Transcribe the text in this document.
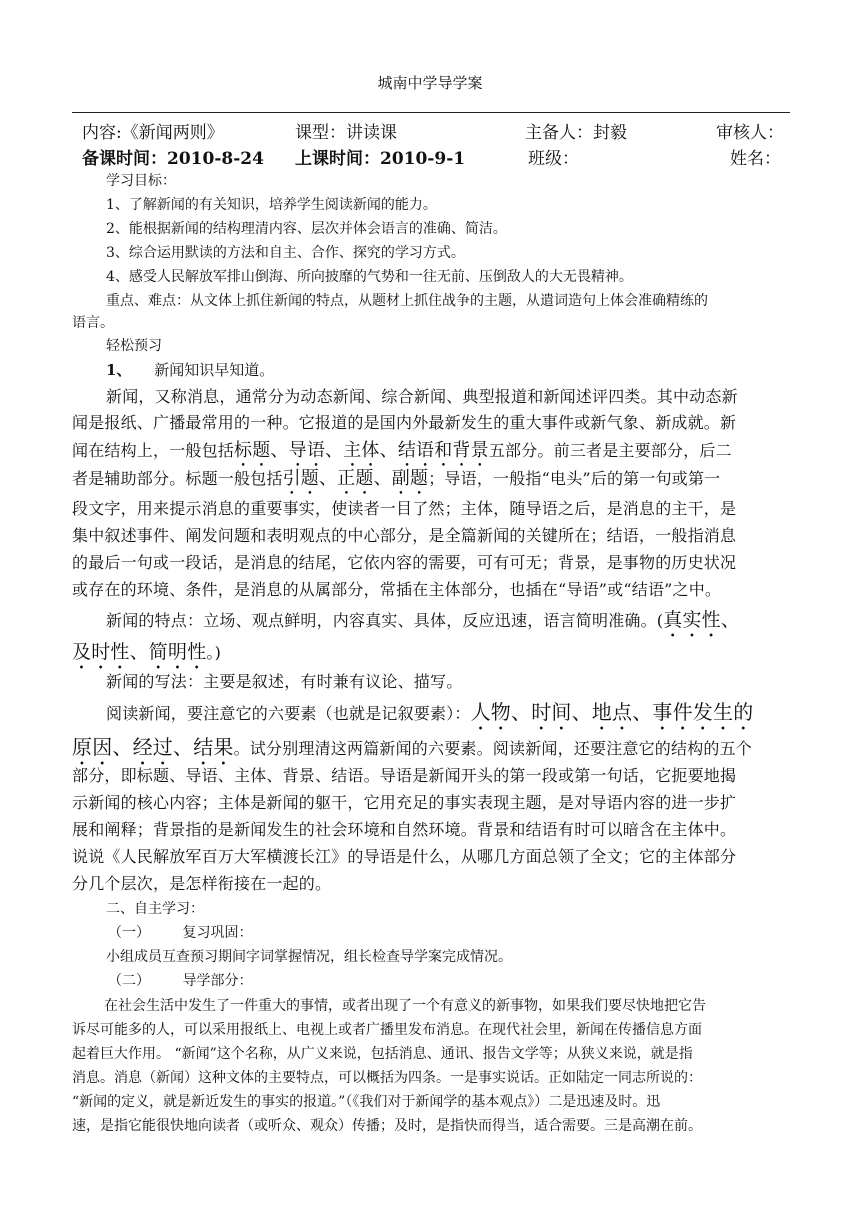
城南中学导学案
内容:《新闻两则》	课型：讲读课	主备人：封毅	审核人：
备课时间：2010-8-24 上课时间：2010-9-1	班级：	姓名：
学习目标：
1、了解新闻的有关知识，培养学生阅读新闻的能力。
2、能根据新闻的结构理清内容、层次并体会语言的准确、简洁。
3、综合运用默读的方法和自主、合作、探究的学习方式。
4、感受人民解放军排山倒海、所向披靡的气势和一往无前、压倒敌人的大无畏精神。
重点、难点：从文体上抓住新闻的特点，从题材上抓住战争的主题，从遣词造句上体会准确精练的
语言。
轻松预习
1、 新闻知识早知道。
新闻，又称消息，通常分为动态新闻、综合新闻、典型报道和新闻述评四类。其中动态新
闻是报纸、广播最常用的一种。它报道的是国内外最新发生的重大事件或新气象、新成就。新
闻在结构上，一般包括标题、导语、主体、结语和背景五部分。前三者是主要部分，后二
者是辅助部分。标题一般包括引题、正题、副题；导语，一般指“电头”后的第一句或第一
段文字，用来提示消息的重要事实，使读者一目了然；主体，随导语之后，是消息的主干，是
集中叙述事件、阐发问题和表明观点的中心部分，是全篇新闻的关键所在；结语，一般指消息
的最后一句或一段话，是消息的结尾，它依内容的需要，可有可无；背景，是事物的历史状况
或存在的环境、条件，是消息的从属部分，常插在主体部分，也插在“导语”或“结语”之中。
新闻的特点：立场、观点鲜明，内容真实、具体，反应迅速，语言简明准确。(真实性、
及时性、简明性。)
新闻的写法：主要是叙述，有时兼有议论、描写。
阅读新闻，要注意它的六要素（也就是记叙要素）：人物、时间、地点、事件发生的
原因、经过、结果。试分别理清这两篇新闻的六要素。阅读新闻，还要注意它的结构的五个
部分，即标题、导语、主体、背景、结语。导语是新闻开头的第一段或第一句话，它扼要地揭
示新闻的核心内容；主体是新闻的躯干，它用充足的事实表现主题，是对导语内容的进一步扩
展和阐释；背景指的是新闻发生的社会环境和自然环境。背景和结语有时可以暗含在主体中。
说说《人民解放军百万大军横渡长江》的导语是什么，从哪几方面总领了全文；它的主体部分
分几个层次，是怎样衔接在一起的。
二、自主学习：
（一） 复习巩固：
小组成员互查预习期间字词掌握情况，组长检查导学案完成情况。
（二） 导学部分：
在社会生活中发生了一件重大的事情，或者出现了一个有意义的新事物，如果我们要尽快地把它告
诉尽可能多的人，可以采用报纸上、电视上或者广播里发布消息。在现代社会里，新闻在传播信息方面
起着巨大作用。 “新闻”这个名称，从广义来说，包括消息、通讯、报告文学等；从狭义来说，就是指
消息。消息（新闻）这种文体的主要特点，可以概括为四条。一是事实说话。正如陆定一同志所说的：
“新闻的定义，就是新近发生的事实的报道。”（《我们对于新闻学的基本观点》）二是迅速及时。迅
速，是指它能很快地向读者（或听众、观众）传播；及时，是指快而得当，适合需要。三是高潮在前。
